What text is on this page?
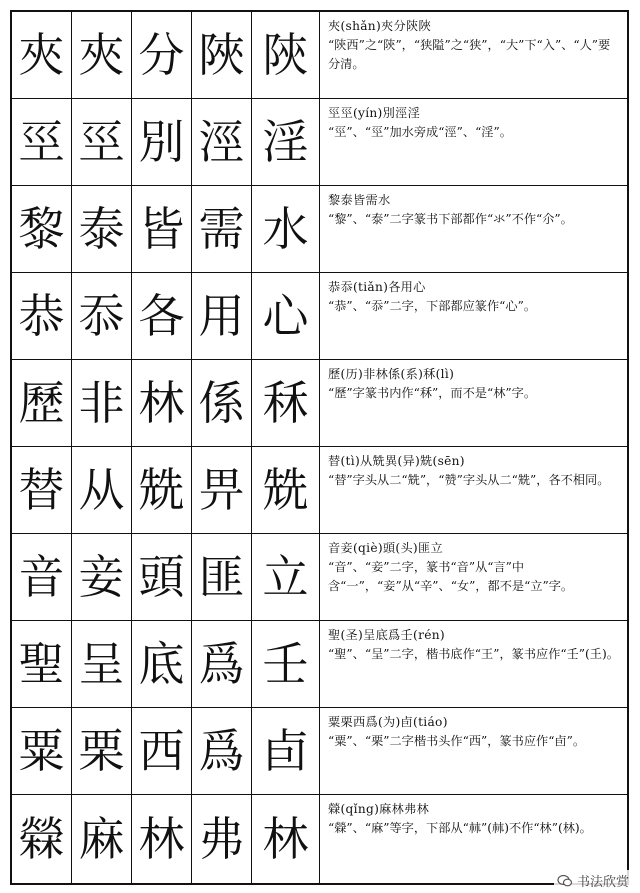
夾 夾 分 陜 陝
夾(shǎn)夾分陝陜
“陝西”之“陝”，“狭隘”之“狭”，“大”下“入”、“人”要分清。
巠 巠 別 涇 淫
巠巠(yín)別涇淫
“巠”、“巠”加水旁成“涇”、“淫”。
黎 泰 皆 需 水
黎泰皆需水
“黎”、“泰”二字篆书下部都作“氺”不作“尒”。
恭 忝 各 用 心
恭忝(tiǎn)各用心
“恭”、“忝”二字，下部都应篆作“心”。
歷 非 林 係 秝
歷(历)非林係(系)秝(lì)
“歷”字篆书内作“秝”，而不是“林”字。
替 从 兟 畀 兟
替(tì)从兟異(异)兟(sēn)
“替”字头从二“兟”，“赞”字头从二“兟”，各不相同。
音 妾 頭 匪 立
音妾(qiè)頭(头)匪立
“音”、“妾”二字，篆书“音”从“言”中含“一”，“妾”从“辛”、“女”，都不是“立”字。
聖 呈 底 爲 壬
聖(圣)呈底爲壬(rén)
“聖”、“呈”二字，楷书底作“王”，篆书应作“壬”(𡈼)。
粟 栗 西 爲 卣
粟栗西爲(为)卣(tiáo)
“粟”、“栗”二字楷书头作“西”，篆书应作“卣”。
檾 麻 林 弗 林
檾(qǐng)麻林弗林
“檾”、“麻”等字，下部从“𣏟”(𣏟)不作“林”(林)。
书法欣赏
